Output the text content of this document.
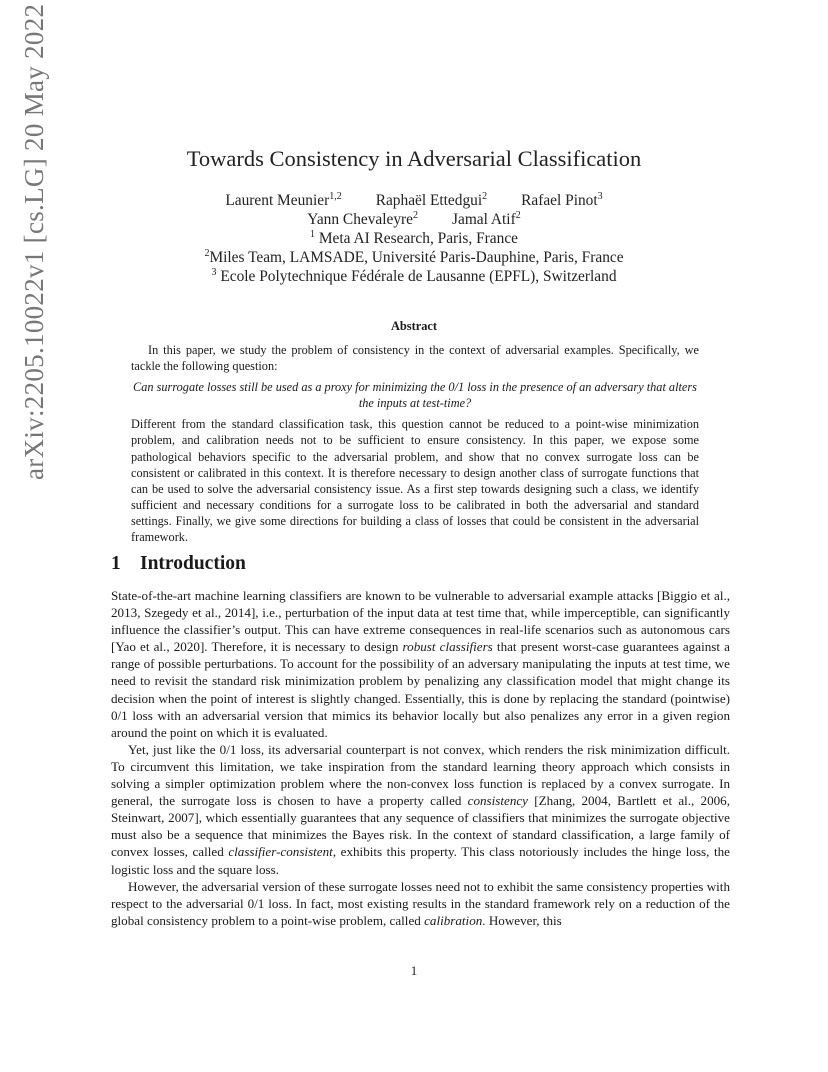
arXiv:2205.10022v1 [cs.LG] 20 May 2022	Towards Consistency in Adversarial Classification
Laurent Meunier$^{1,2}$ Raphaël Ettedgui$^2$ Rafael Pinot$^3$
Yann Chevaleyre$^2$ Jamal Atif$^2$
$^1$ Meta AI Research, Paris, France
$^2$Miles Team, LAMSADE, Université Paris-Dauphine, Paris, France
$^3$ Ecole Polytechnique Fédérale de Lausanne (EPFL), Switzerland
Abstract

In this paper, we study the problem of consistency in the context of adversarial examples. Specifically, we tackle the following question:

Can surrogate losses still be used as a proxy for minimizing the 0/1 loss in the presence of an adversary that alters the inputs at test-time?

Different from the standard classification task, this question cannot be reduced to a point-wise minimization problem, and calibration needs not to be sufficient to ensure consistency. In this paper, we expose some pathological behaviors specific to the adversarial problem, and show that no convex surrogate loss can be consistent or calibrated in this context. It is therefore necessary to design another class of surrogate functions that can be used to solve the adversarial consistency issue. As a first step towards designing such a class, we identify sufficient and necessary conditions for a surrogate loss to be calibrated in both the adversarial and standard settings. Finally, we give some directions for building a class of losses that could be consistent in the adversarial framework.

1 Introduction

State-of-the-art machine learning classifiers are known to be vulnerable to adversarial example attacks [Biggio et al., 2013, Szegedy et al., 2014], i.e., perturbation of the input data at test time that, while imperceptible, can significantly influence the classifier’s output. This can have extreme consequences in real-life scenarios such as autonomous cars [Yao et al., 2020]. Therefore, it is necessary to design robust classifiers that present worst-case guarantees against a range of possible perturbations. To account for the possibility of an adversary manipulating the inputs at test time, we need to revisit the standard risk minimization problem by penalizing any classification model that might change its decision when the point of interest is slightly changed. Essentially, this is done by replacing the standard (pointwise) 0/1 loss with an adversarial version that mimics its behavior locally but also penalizes any error in a given region around the point on which it is evaluated.

Yet, just like the 0/1 loss, its adversarial counterpart is not convex, which renders the risk minimization difficult. To circumvent this limitation, we take inspiration from the standard learning theory approach which consists in solving a simpler optimization problem where the non-convex loss function is replaced by a convex surrogate. In general, the surrogate loss is chosen to have a property called consistency [Zhang, 2004, Bartlett et al., 2006, Steinwart, 2007], which essentially guarantees that any sequence of classifiers that minimizes the surrogate objective must also be a sequence that minimizes the Bayes risk. In the context of standard classification, a large family of convex losses, called classifier-consistent, exhibits this property. This class notoriously includes the hinge loss, the logistic loss and the square loss.

However, the adversarial version of these surrogate losses need not to exhibit the same consistency properties with respect to the adversarial 0/1 loss. In fact, most existing results in the standard framework rely on a reduction of the global consistency problem to a point-wise problem, called calibration. However, this

1
